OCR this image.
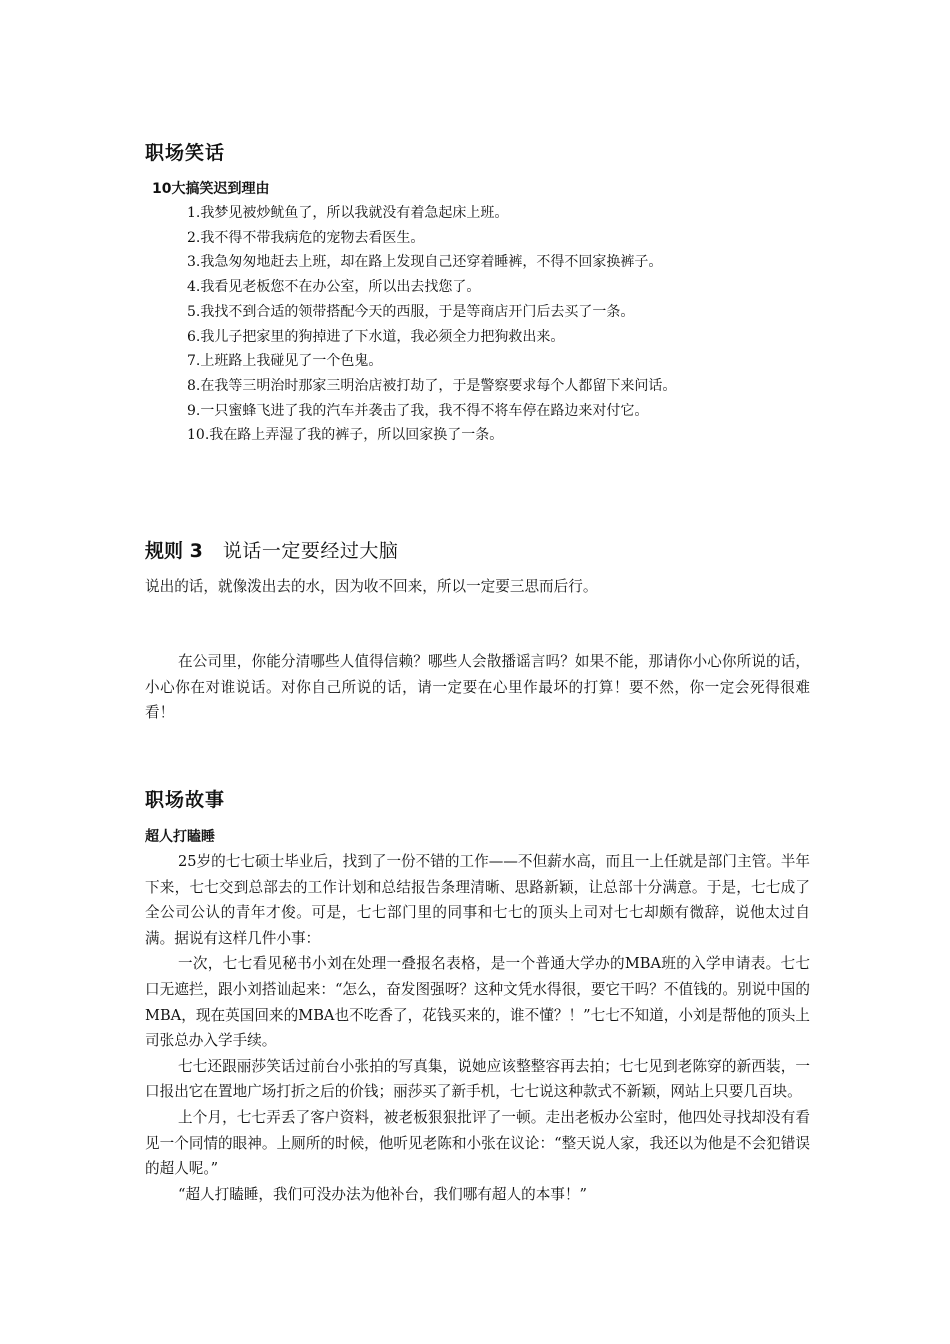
职场笑话
10大搞笑迟到理由
1.我梦见被炒鱿鱼了，所以我就没有着急起床上班。
2.我不得不带我病危的宠物去看医生。
3.我急匆匆地赶去上班，却在路上发现自己还穿着睡裤，不得不回家换裤子。
4.我看见老板您不在办公室，所以出去找您了。
5.我找不到合适的领带搭配今天的西服，于是等商店开门后去买了一条。
6.我儿子把家里的狗掉进了下水道，我必须全力把狗救出来。
7.上班路上我碰见了一个色鬼。
8.在我等三明治时那家三明治店被打劫了，于是警察要求每个人都留下来问话。
9.一只蜜蜂飞进了我的汽车并袭击了我，我不得不将车停在路边来对付它。
10.我在路上弄湿了我的裤子，所以回家换了一条。
规则 3 说话一定要经过大脑

说出的话，就像泼出去的水，因为收不回来，所以一定要三思而后行。

在公司里，你能分清哪些人值得信赖？哪些人会散播谣言吗？如果不能，那请你小心你所说的话，小心你在对谁说话。对你自己所说的话，请一定要在心里作最坏的打算！要不然，你一定会死得很难看！

职场故事
超人打瞌睡

25岁的七七硕士毕业后，找到了一份不错的工作——不但薪水高，而且一上任就是部门主管。半年下来，七七交到总部去的工作计划和总结报告条理清晰、思路新颖，让总部十分满意。于是，七七成了全公司公认的青年才俊。可是，七七部门里的同事和七七的顶头上司对七七却颇有微辞，说他太过自满。据说有这样几件小事：

一次，七七看见秘书小刘在处理一叠报名表格，是一个普通大学办的MBA班的入学申请表。七七口无遮拦，跟小刘搭讪起来：“怎么，奋发图强呀？这种文凭水得很，要它干吗？不值钱的。别说中国的MBA，现在英国回来的MBA也不吃香了，花钱买来的，谁不懂？！”七七不知道，小刘是帮他的顶头上司张总办入学手续。

七七还跟丽莎笑话过前台小张拍的写真集，说她应该整整容再去拍；七七见到老陈穿的新西装，一口报出它在置地广场打折之后的价钱；丽莎买了新手机，七七说这种款式不新颖，网站上只要几百块。

上个月，七七弄丢了客户资料，被老板狠狠批评了一顿。走出老板办公室时，他四处寻找却没有看见一个同情的眼神。上厕所的时候，他听见老陈和小张在议论：“整天说人家，我还以为他是不会犯错误的超人呢。”

“超人打瞌睡，我们可没办法为他补台，我们哪有超人的本事！”
